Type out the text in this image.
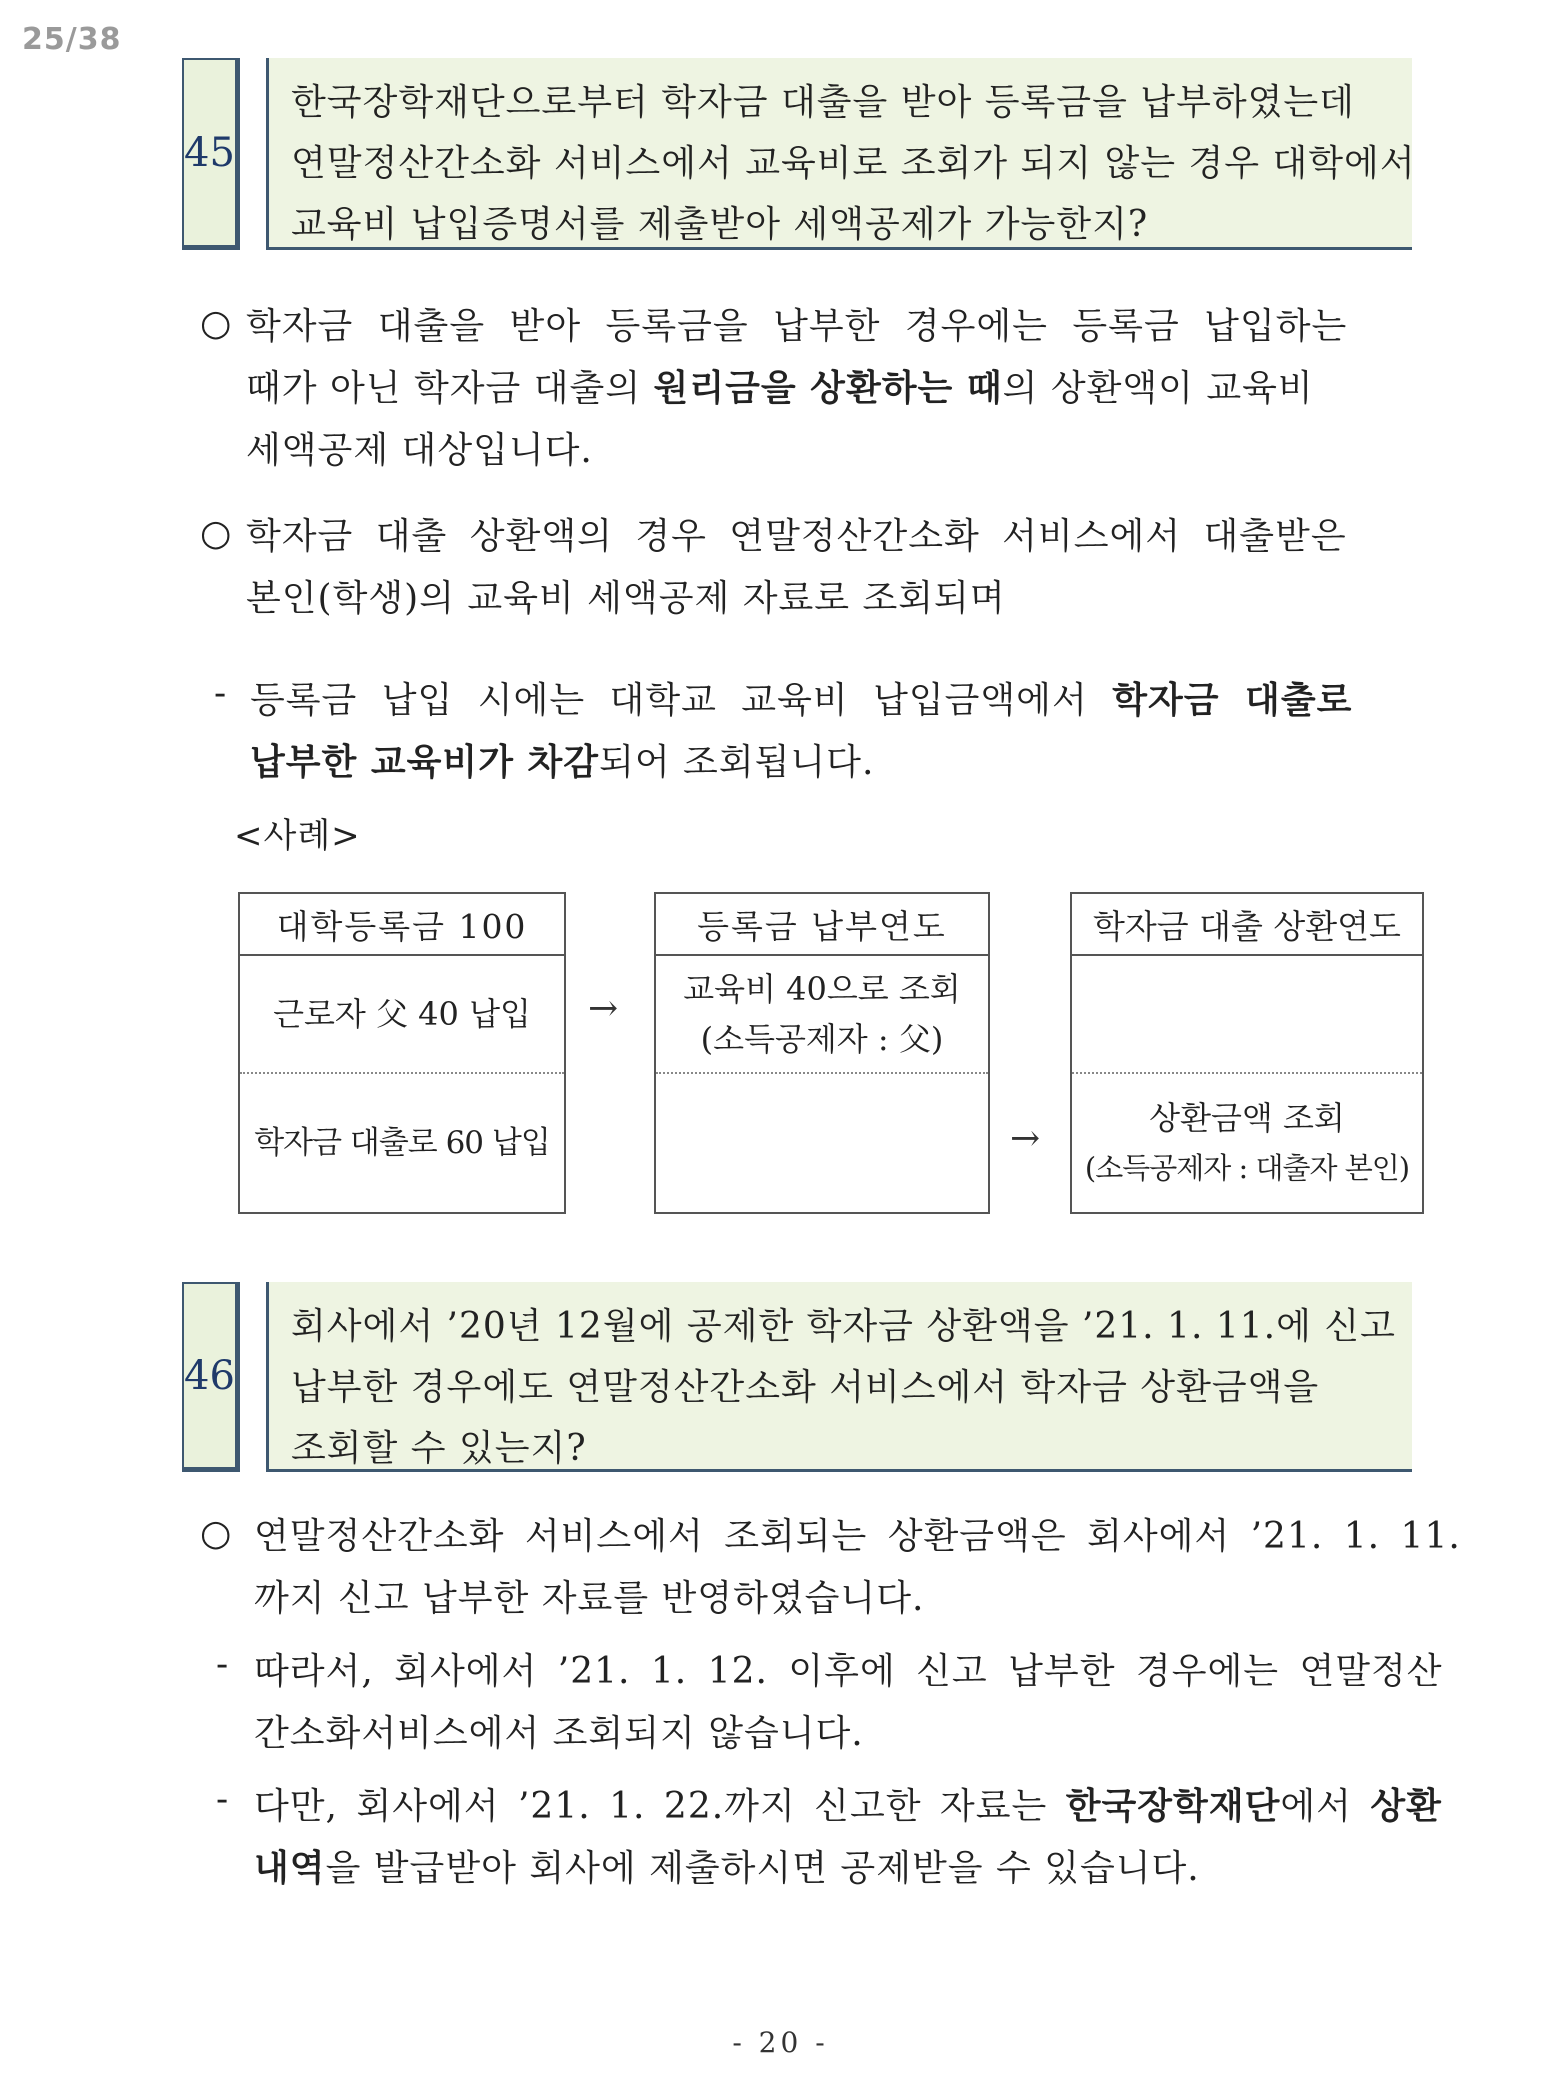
25/38
45
한국장학재단으로부터 학자금 대출을 받아 등록금을 납부하였는데
연말정산간소화 서비스에서 교육비로 조회가 되지 않는 경우 대학에서
교육비 납입증명서를 제출받아 세액공제가 가능한지?
○ 학자금 대출을 받아 등록금을 납부한 경우에는 등록금 납입하는
때가 아닌 학자금 대출의 원리금을 상환하는 때의 상환액이 교육비
세액공제 대상입니다.
○ 학자금 대출 상환액의 경우 연말정산간소화 서비스에서 대출받은
본인(학생)의 교육비 세액공제 자료로 조회되며
- 등록금 납입 시에는 대학교 교육비 납입금액에서 학자금 대출로
납부한 교육비가 차감되어 조회됩니다.
<사례>
대학등록금 100
근로자 父 40 납입
학자금 대출로 60 납입
→
등록금 납부연도
교육비 40으로 조회
(소득공제자 : 父)
→
학자금 대출 상환연도
상환금액 조회
(소득공제자 : 대출자 본인)
46
회사에서 ’20년 12월에 공제한 학자금 상환액을 ’21. 1. 11.에 신고
납부한 경우에도 연말정산간소화 서비스에서 학자금 상환금액을
조회할 수 있는지?
○ 연말정산간소화 서비스에서 조회되는 상환금액은 회사에서 ’21. 1. 11.
까지 신고 납부한 자료를 반영하였습니다.
- 따라서, 회사에서 ’21. 1. 12. 이후에 신고 납부한 경우에는 연말정산
간소화서비스에서 조회되지 않습니다.
- 다만, 회사에서 ’21. 1. 22.까지 신고한 자료는 한국장학재단에서 상환
내역을 발급받아 회사에 제출하시면 공제받을 수 있습니다.
- 20 -
